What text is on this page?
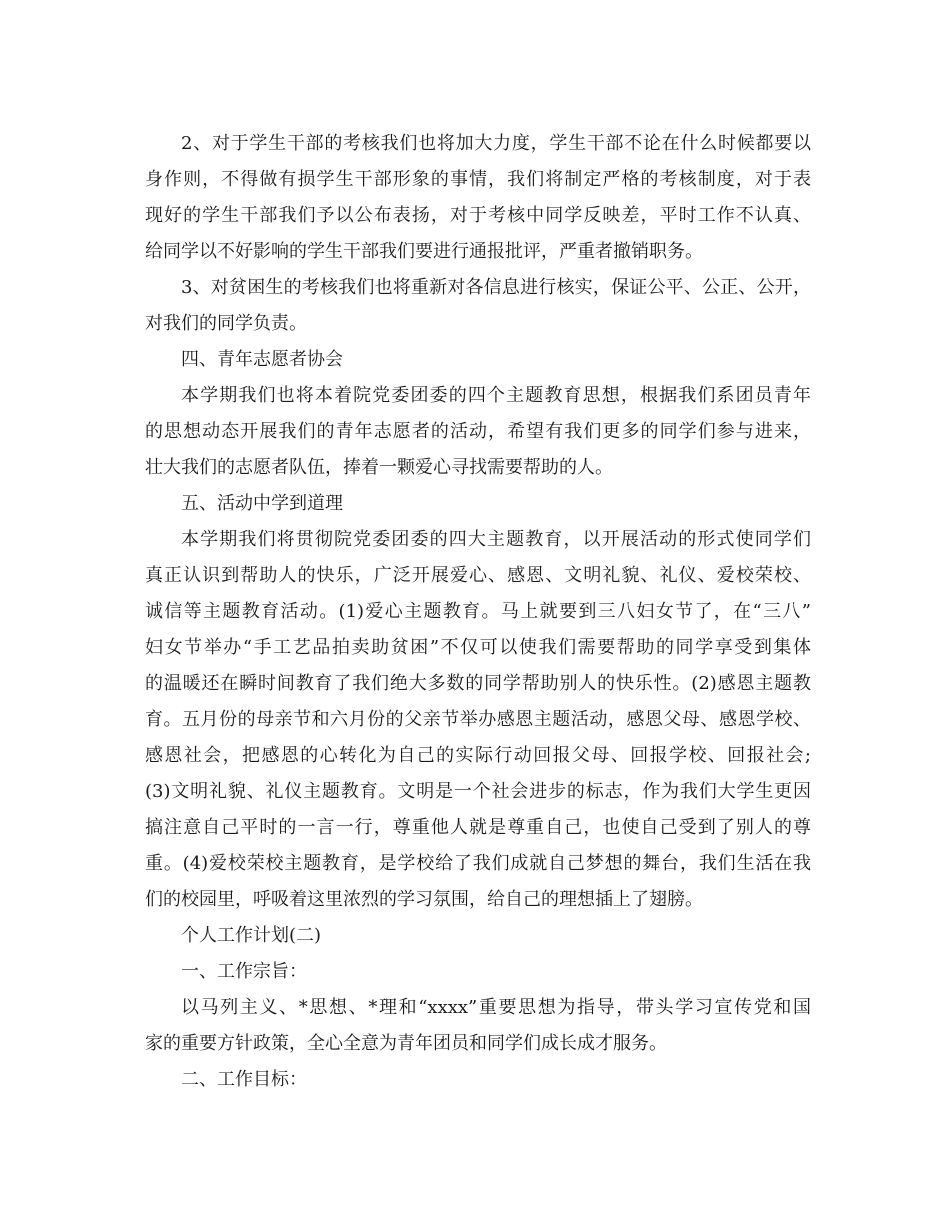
2、对于学生干部的考核我们也将加大力度，学生干部不论在什么时候都要以
身作则，不得做有损学生干部形象的事情，我们将制定严格的考核制度，对于表
现好的学生干部我们予以公布表扬，对于考核中同学反映差，平时工作不认真、
给同学以不好影响的学生干部我们要进行通报批评，严重者撤销职务。
3、对贫困生的考核我们也将重新对各信息进行核实，保证公平、公正、公开，
对我们的同学负责。
四、青年志愿者协会
本学期我们也将本着院党委团委的四个主题教育思想，根据我们系团员青年
的思想动态开展我们的青年志愿者的活动，希望有我们更多的同学们参与进来，
壮大我们的志愿者队伍，捧着一颗爱心寻找需要帮助的人。
五、活动中学到道理
本学期我们将贯彻院党委团委的四大主题教育，以开展活动的形式使同学们
真正认识到帮助人的快乐，广泛开展爱心、感恩、文明礼貌、礼仪、爱校荣校、
诚信等主题教育活动。(1)爱心主题教育。马上就要到三八妇女节了，在“三八”
妇女节举办“手工艺品拍卖助贫困”不仅可以使我们需要帮助的同学享受到集体
的温暖还在瞬时间教育了我们绝大多数的同学帮助别人的快乐性。(2)感恩主题教
育。五月份的母亲节和六月份的父亲节举办感恩主题活动，感恩父母、感恩学校、
感恩社会，把感恩的心转化为自己的实际行动回报父母、回报学校、回报社会;
(3)文明礼貌、礼仪主题教育。文明是一个社会进步的标志，作为我们大学生更因
搞注意自己平时的一言一行，尊重他人就是尊重自己，也使自己受到了别人的尊
重。(4)爱校荣校主题教育，是学校给了我们成就自己梦想的舞台，我们生活在我
们的校园里，呼吸着这里浓烈的学习氛围，给自己的理想插上了翅膀。
个人工作计划(二)
一、工作宗旨：
以马列主义、*思想、*理和“xxxx”重要思想为指导，带头学习宣传党和国
家的重要方针政策，全心全意为青年团员和同学们成长成才服务。
二、工作目标：
